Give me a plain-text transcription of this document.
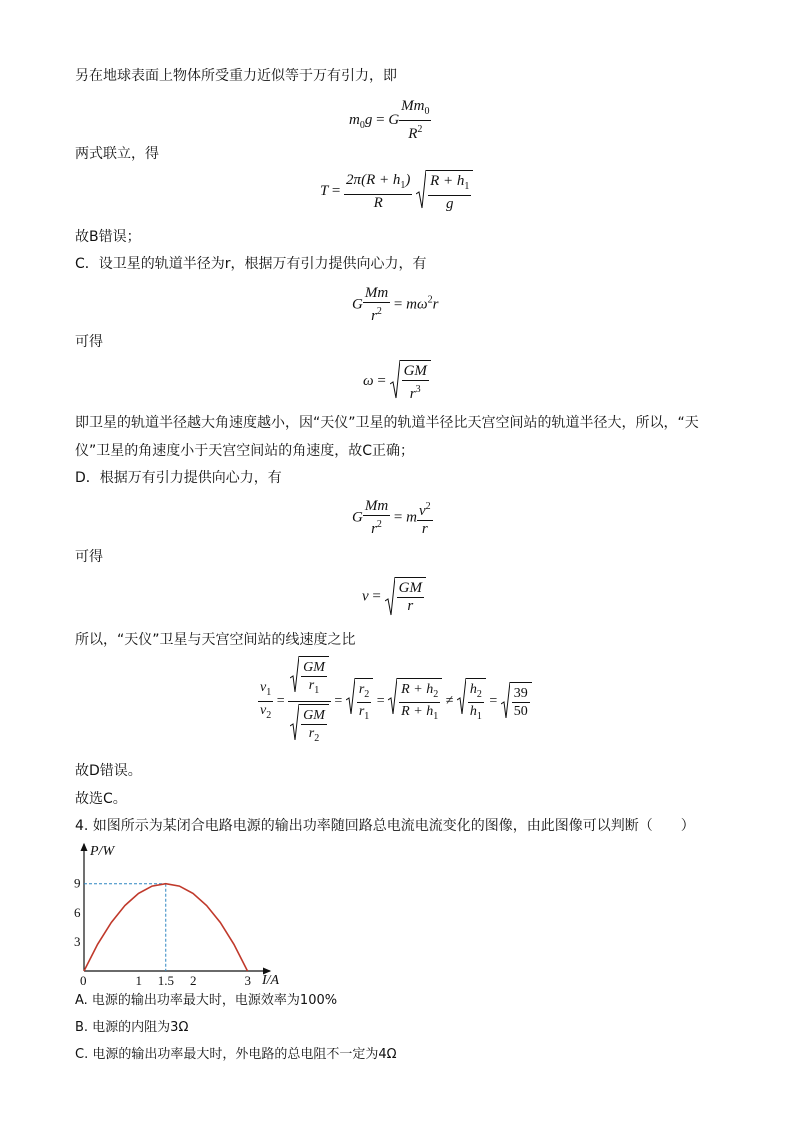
另在地球表面上物体所受重力近似等于万有引力，即
$m_0g = G \frac{Mm_0}{R^2}$
两式联立，得
$T = \frac{2\pi(R + h_1)}{R}$
$\frac{R + h_1}{g}$
故B错误；
C．设卫星的轨道半径为r，根据万有引力提供向心力，有
G $\frac{Mm}{r^2} = m\omega^2r$
可得
$\omega = \frac{GM}{r^3}$
即卫星的轨道半径越大角速度越小，因“天仪”卫星的轨道半径比天宫空间站的轨道半径大，所以，“天
仪”卫星的角速度小于天宫空间站的角速度，故C正确；
D．根据万有引力提供向心力，有
G $\frac{Mm}{r^2} = m \frac{v^2}{r}$
可得
$v = \frac{GM}{r}$
所以，“天仪”卫星与天宫空间站的线速度之比
$\frac{v_1}{v_2} = \frac{\frac{GM}{r_1}}{\frac{GM}{r_2}} = \frac{r_2}{r_1} = \frac{R + h_2}{R + h_1} \ne \frac{h_2}{h_1} = \frac{39}{50}$
故D错误。
故选C。
4. 如图所示为某闭合电路电源的输出功率随回路总电流电流变化的图像，由此图像可以判断（　　）
0	1 1.5 2	3
3
6
9
P/W
I/A
A. 电源的输出功率最大时，电源效率为100%
B. 电源的内阻为3Ω
C. 电源的输出功率最大时，外电路的总电阻不一定为4Ω
